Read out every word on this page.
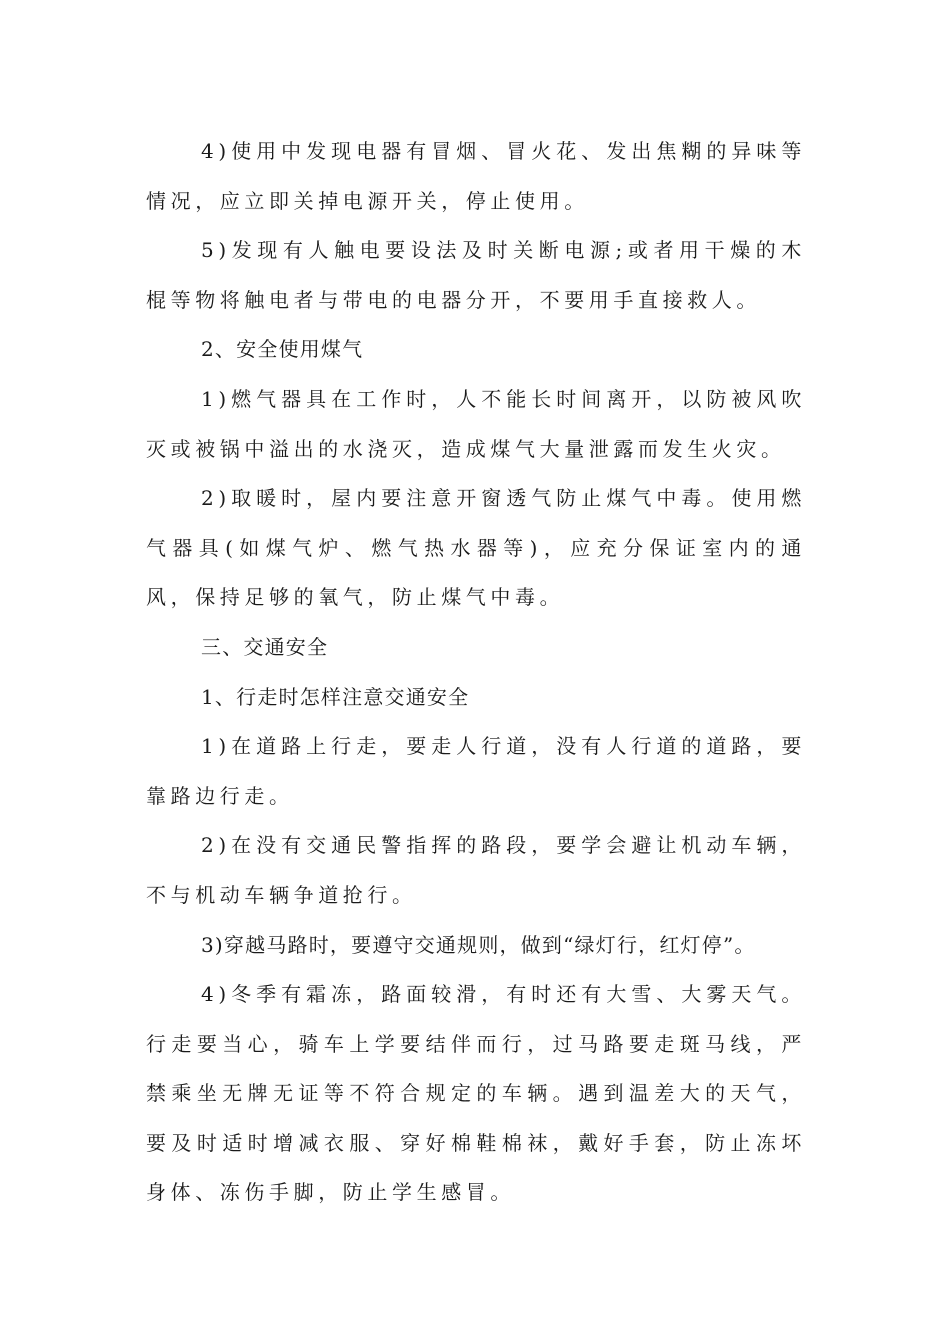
4)使用中发现电器有冒烟、冒火花、发出焦糊的异味等情况，应立即关掉电源开关，停止使用。

5)发现有人触电要设法及时关断电源;或者用干燥的木棍等物将触电者与带电的电器分开，不要用手直接救人。

2、安全使用煤气

1)燃气器具在工作时，人不能长时间离开，以防被风吹灭或被锅中溢出的水浇灭，造成煤气大量泄露而发生火灾。

2)取暖时，屋内要注意开窗透气防止煤气中毒。使用燃气器具(如煤气炉、燃气热水器等)，应充分保证室内的通风，保持足够的氧气，防止煤气中毒。

三、交通安全

1、行走时怎样注意交通安全

1)在道路上行走，要走人行道，没有人行道的道路，要靠路边行走。

2)在没有交通民警指挥的路段，要学会避让机动车辆，不与机动车辆争道抢行。

3)穿越马路时，要遵守交通规则，做到“绿灯行，红灯停”。

4)冬季有霜冻，路面较滑，有时还有大雪、大雾天气。行走要当心，骑车上学要结伴而行，过马路要走斑马线，严禁乘坐无牌无证等不符合规定的车辆。遇到温差大的天气，要及时适时增减衣服、穿好棉鞋棉袜，戴好手套，防止冻坏身体、冻伤手脚，防止学生感冒。
